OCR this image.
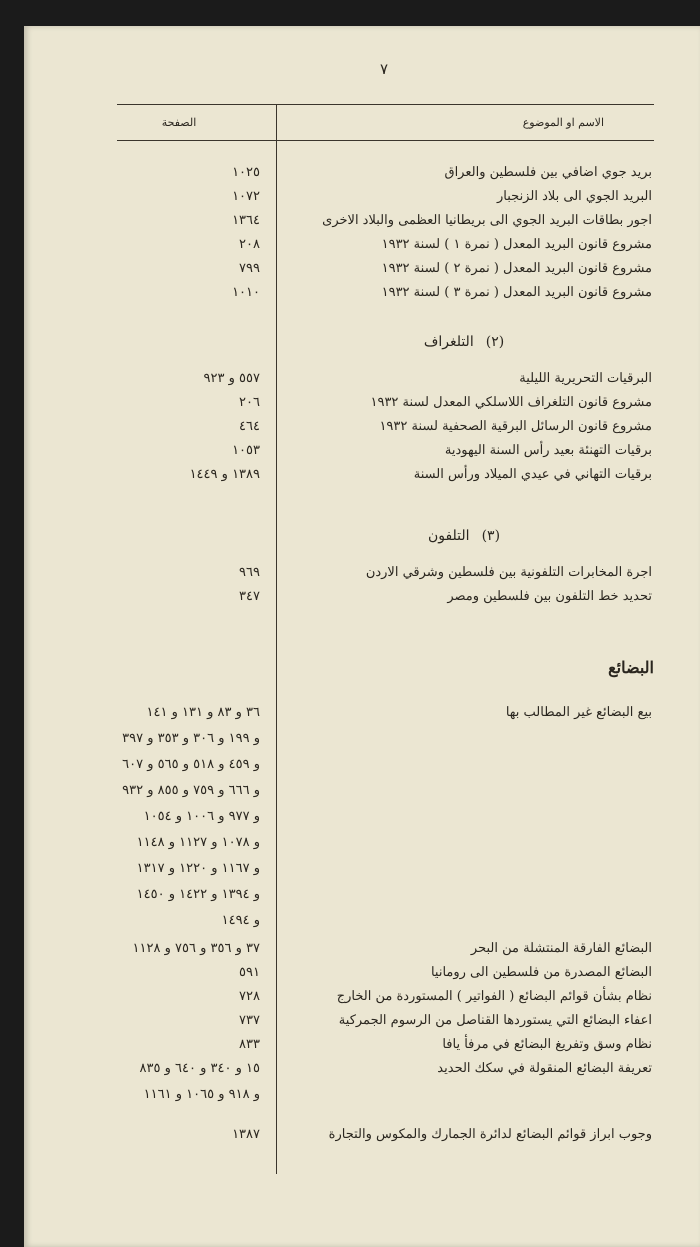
٧
الاسم او الموضوع
الصفحة
بريد جوي اضافي بين فلسطين والعراق
١٠٢٥
البريد الجوي الى بلاد الزنجبار
١٠٧٢
اجور بطاقات البريد الجوي الى بريطانيا العظمى والبلاد الاخرى
١٣٦٤
مشروع قانون البريد المعدل ( نمرة ١ ) لسنة ١٩٣٢
٢٠٨
مشروع قانون البريد المعدل ( نمرة ٢ ) لسنة ١٩٣٢
٧٩٩
مشروع قانون البريد المعدل ( نمرة ٣ ) لسنة ١٩٣٢
١٠١٠
(٢)التلغراف
البرقيات التحريرية الليلية
٥٥٧ و ٩٢٣
مشروع قانون التلغراف اللاسلكي المعدل لسنة ١٩٣٢
٢٠٦
مشروع قانون الرسائل البرقية الصحفية لسنة ١٩٣٢
٤٦٤
برقيات التهنئة بعيد رأس السنة اليهودية
١٠٥٣
برقيات التهاني في عيدي الميلاد ورأس السنة
١٣٨٩ و ١٤٤٩
(٣)التلفون
اجرة المخابرات التلفونية بين فلسطين وشرقي الاردن
٩٦٩
تحديد خط التلفون بين فلسطين ومصر
٣٤٧
البضائع
بيع البضائع غير المطالب بها
٣٦ و ٨٣ و ١٣١ و ١٤١
و ١٩٩ و ٣٠٦ و ٣٥٣ و ٣٩٧
و ٤٥٩ و ٥١٨ و ٥٦٥ و ٦٠٧
و ٦٦٦ و ٧٥٩ و ٨٥٥ و ٩٣٢
و ٩٧٧ و ١٠٠٦ و ١٠٥٤
و ١٠٧٨ و ١١٢٧ و ١١٤٨
و ١١٦٧ و ١٢٢٠ و ١٣١٧
و ١٣٩٤ و ١٤٢٢ و ١٤٥٠
و ١٤٩٤
البضائع الفارقة المنتشلة من البحر
٣٧ و ٣٥٦ و ٧٥٦ و ١١٢٨
البضائع المصدرة من فلسطين الى رومانيا
٥٩١
نظام بشأن قوائم البضائع ( الفواتير ) المستوردة من الخارج
٧٢٨
اعفاء البضائع التي يستوردها القناصل من الرسوم الجمركية
٧٣٧
نظام وسق وتفريغ البضائع في مرفأ يافا
٨٣٣
تعريفة البضائع المنقولة في سكك الحديد
١٥ و ٣٤٠ و ٦٤٠ و ٨٣٥
و ٩١٨ و ١٠٦٥ و ١١٦١
وجوب ابراز قوائم البضائع لدائرة الجمارك والمكوس والتجارة
١٣٨٧
